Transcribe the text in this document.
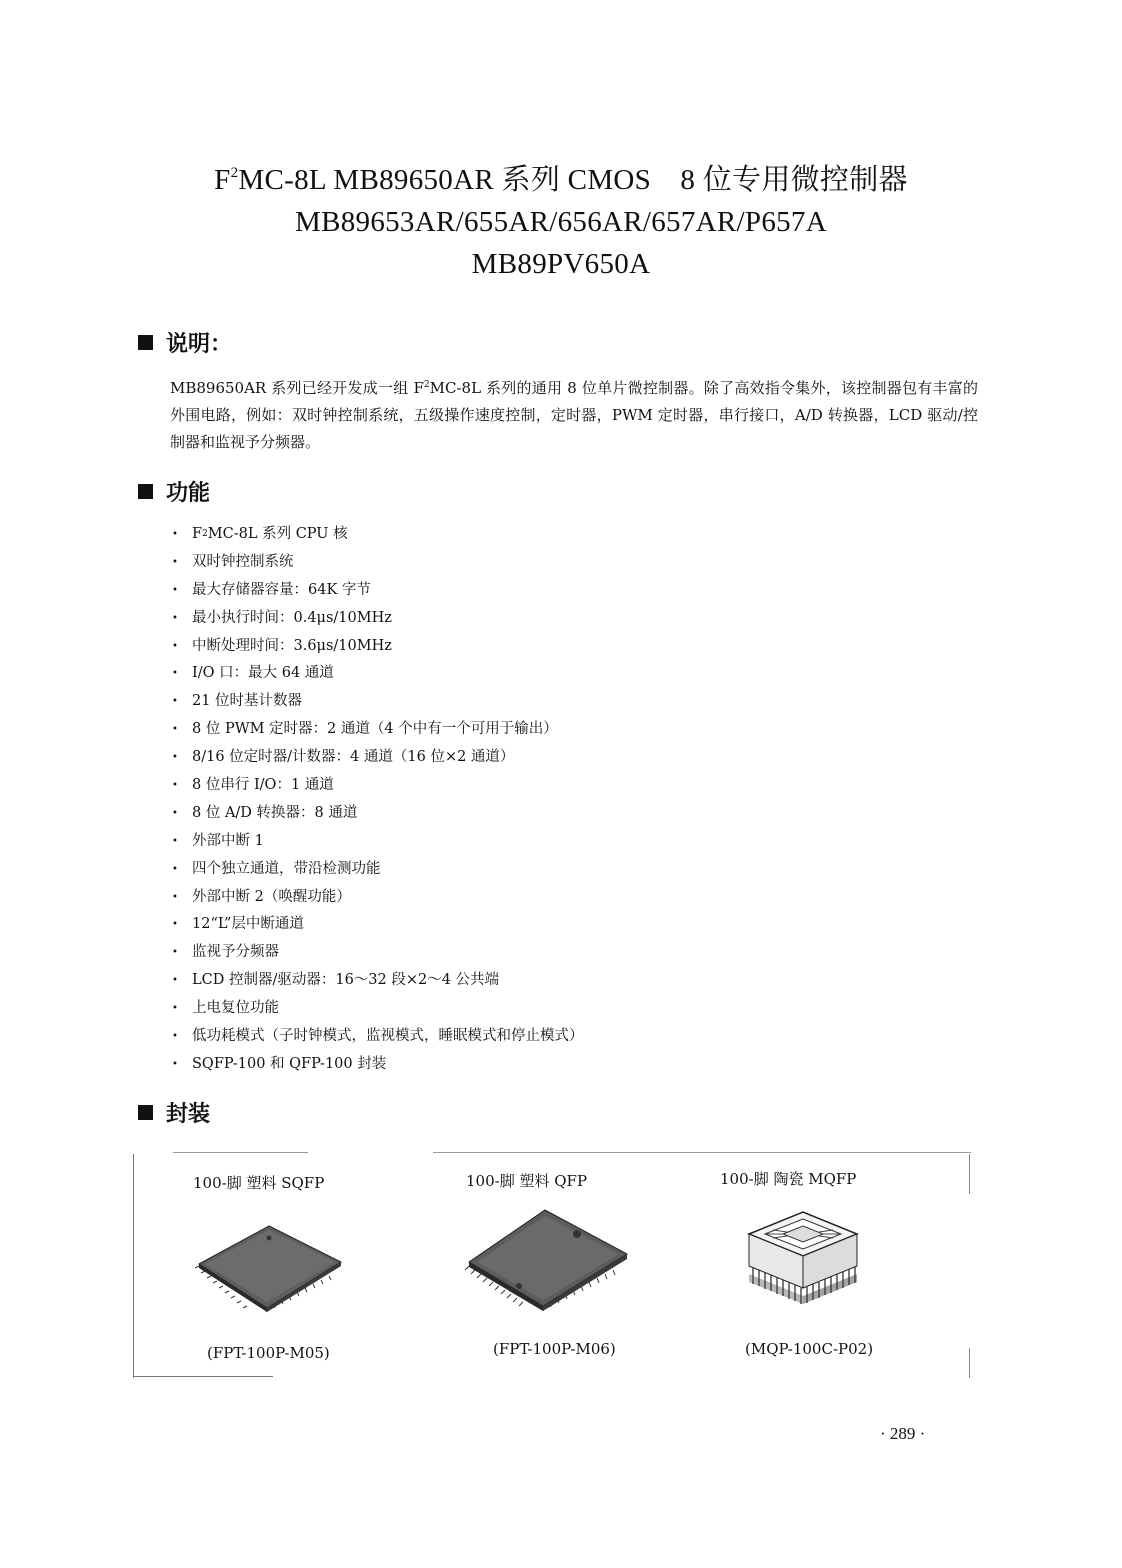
$F^2MC-8L$ MB89650AR 系列 CMOS　8 位专用微控制器
MB89653AR/655AR/656AR/657AR/P657A
MB89PV650A
说明：
MB89650AR 系列已经开发成一组 $F^2MC-8L$ 系列的通用 8 位单片微控制器。除了高效指令集外，该控制器包有丰富的外围电路，例如：双时钟控制系统，五级操作速度控制，定时器，PWM 定时器，串行接口，A/D 转换器，LCD 驱动/控制器和监视予分频器。
功能
• F 2 MC-8L 系列 CPU 核
• 双时钟控制系统
• 最大存储器容量：64K 字节
• 最小执行时间：0.4μs/10MHz
• 中断处理时间：3.6μs/10MHz
• I/O 口：最大 64 通道
• 21 位时基计数器
• 8 位 PWM 定时器：2 通道（4 个中有一个可用于输出）
• 8/16 位定时器/计数器：4 通道（16 位×2 通道）
• 8 位串行 I/O：1 通道
• 8 位 A/D 转换器：8 通道
• 外部中断 1
• 四个独立通道，带沿检测功能
• 外部中断 2（唤醒功能）
• 12“L”层中断通道
• 监视予分频器
• LCD 控制器/驱动器：16～32 段×2～4 公共端
• 上电复位功能
• 低功耗模式（子时钟模式，监视模式，睡眠模式和停止模式）
• SQFP-100 和 QFP-100 封装
封装
100-脚 塑料 SQFP
(FPT-100P-M05)
100-脚 塑料 QFP
(FPT-100P-M06)
100-脚 陶瓷 MQFP
(MQP-100C-P02)
· 289 ·
